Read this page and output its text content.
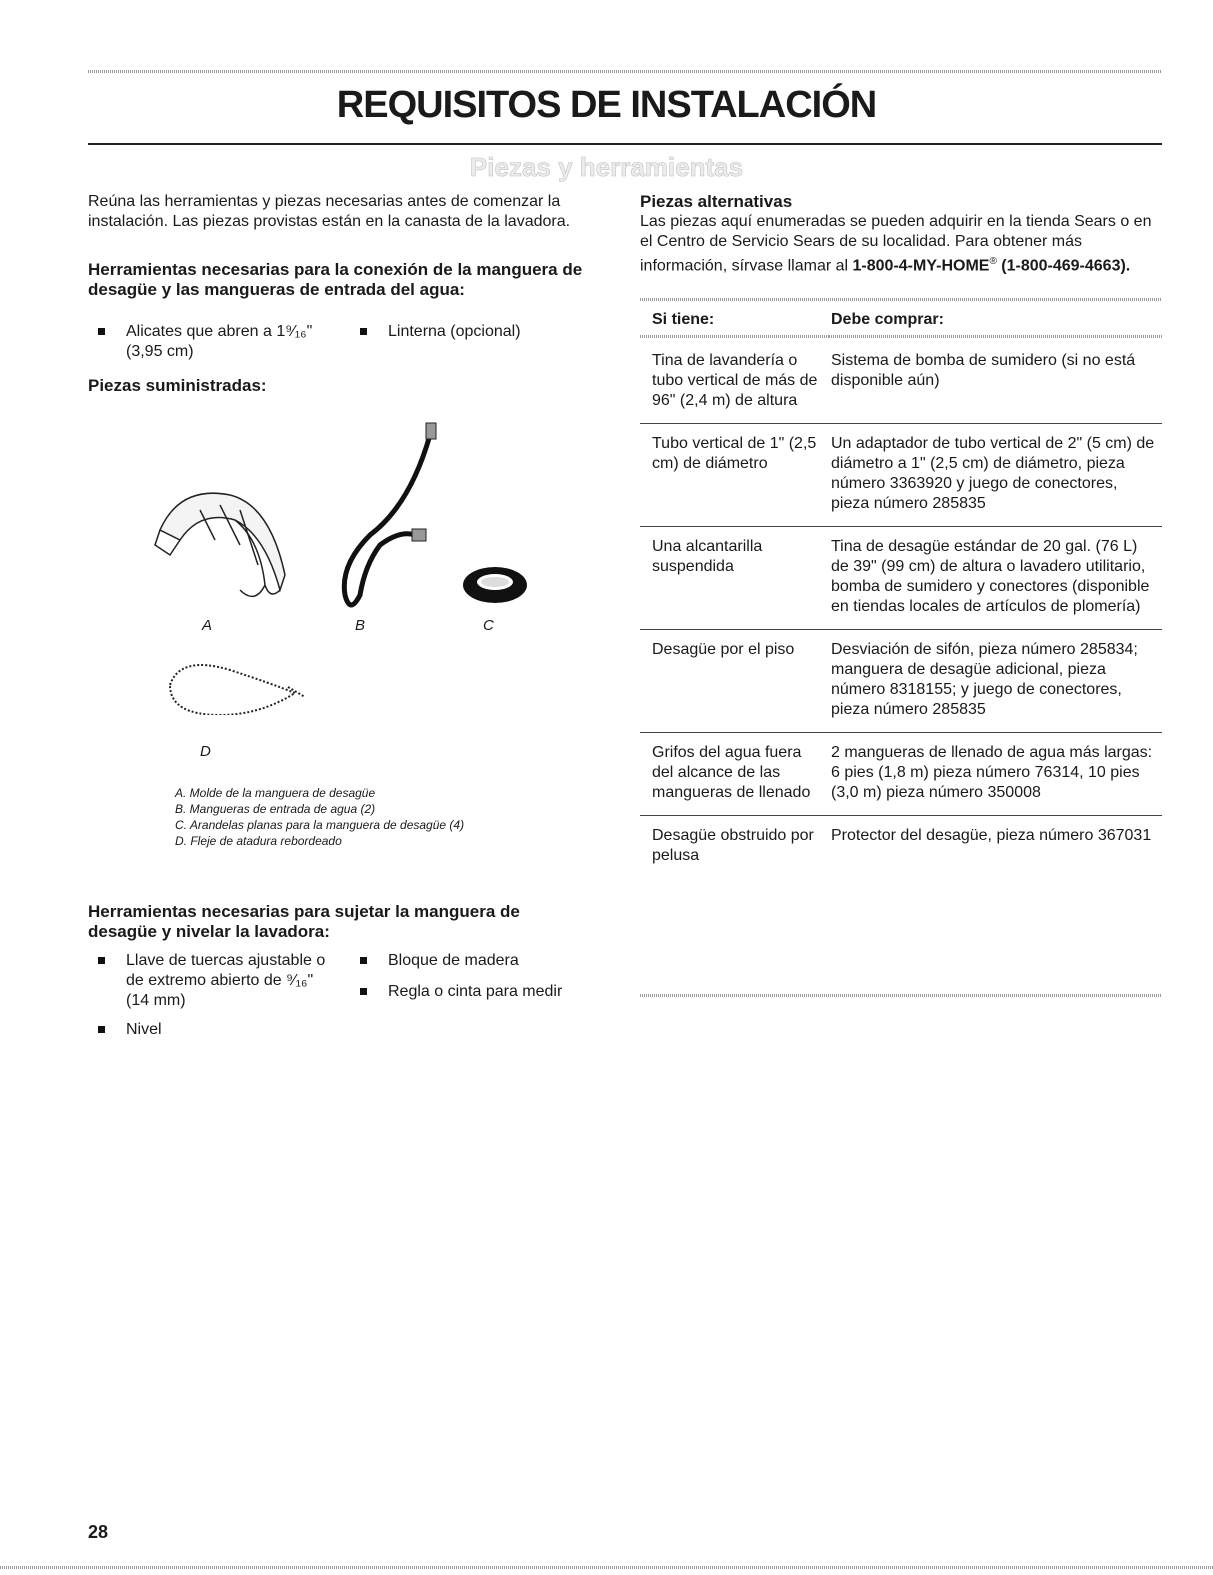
REQUISITOS DE INSTALACIÓN
Piezas y herramientas

Reúna las herramientas y piezas necesarias antes de comenzar la instalación. Las piezas provistas están en la canasta de la lavadora.

Herramientas necesarias para la conexión de la manguera de desagüe y las mangueras de entrada del agua:
Alicates que abren a 1⁹⁄₁₆" (3,95 cm)
Linterna (opcional)
Piezas suministradas:
A	B	C
D
A. Molde de la manguera de desagüe
B. Mangueras de entrada de agua (2)
C. Arandelas planas para la manguera de desagüe (4)
D. Fleje de atadura rebordeado
Herramientas necesarias para sujetar la manguera de desagüe y nivelar la lavadora:
Llave de tuercas ajustable o de extremo abierto de ⁹⁄₁₆" (14 mm)
Nivel
Bloque de madera
Regla o cinta para medir
Piezas alternativas

Las piezas aquí enumeradas se pueden adquirir en la tienda Sears o en el Centro de Servicio Sears de su localidad. Para obtener más información, sírvase llamar al 1-800-4-MY-HOME® (1-800-469-4663).

Si tiene:	Debe comprar:
Tina de lavandería o tubo vertical de más de 96" (2,4 m) de altura	Sistema de bomba de sumidero (si no está disponible aún)
Tubo vertical de 1" (2,5 cm) de diámetro	Un adaptador de tubo vertical de 2" (5 cm) de diámetro a 1" (2,5 cm) de diámetro, pieza número 3363920 y juego de conectores, pieza número 285835
Una alcantarilla suspendida	Tina de desagüe estándar de 20 gal. (76 L) de 39" (99 cm) de altura o lavadero utilitario, bomba de sumidero y conectores (disponible en tiendas locales de artículos de plomería)
Desagüe por el piso	Desviación de sifón, pieza número 285834; manguera de desagüe adicional, pieza número 8318155; y juego de conectores, pieza número 285835
Grifos del agua fuera del alcance de las mangueras de llenado	2 mangueras de llenado de agua más largas: 6 pies (1,8 m) pieza número 76314, 10 pies (3,0 m) pieza número 350008
Desagüe obstruido por pelusa	Protector del desagüe, pieza número 367031
28
